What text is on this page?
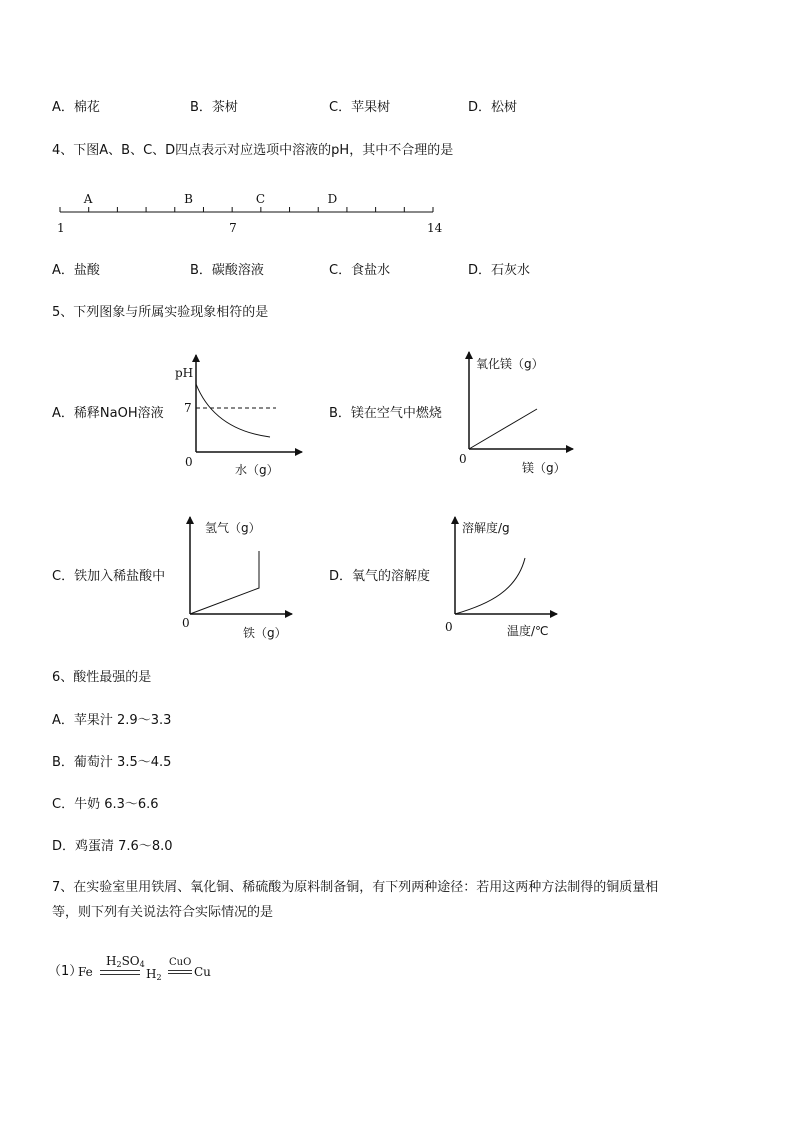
A．棉花	B．茶树	C．苹果树	D．松树
4、下图A、B、C、D四点表示对应选项中溶液的pH，其中不合理的是
A	B	C	D
1	7	14
A．盐酸	B．碳酸溶液	C．食盐水	D．石灰水
5、下列图象与所属实验现象相符的是
A．稀释NaOH溶液	B．镁在空气中燃烧
C．铁加入稀盐酸中	D．氧气的溶解度
pH
7
0
水（g）
氧化镁（g）
0
镁（g）
氢气（g）
0
铁（g）
溶解度/g
0	温度/℃
6、酸性最强的是
A．苹果汁 2.9～3.3
B．葡萄汁 3.5～4.5
C．牛奶 6.3～6.6
D．鸡蛋清 7.6～8.0
7、在实验室里用铁屑、氧化铜、稀硫酸为原料制备铜，有下列两种途径：若用这两种方法制得的铜质量相
等，则下列有关说法符合实际情况的是
（1）
Fe
$H_2SO_4$
$H_2$
CuO
Cu
